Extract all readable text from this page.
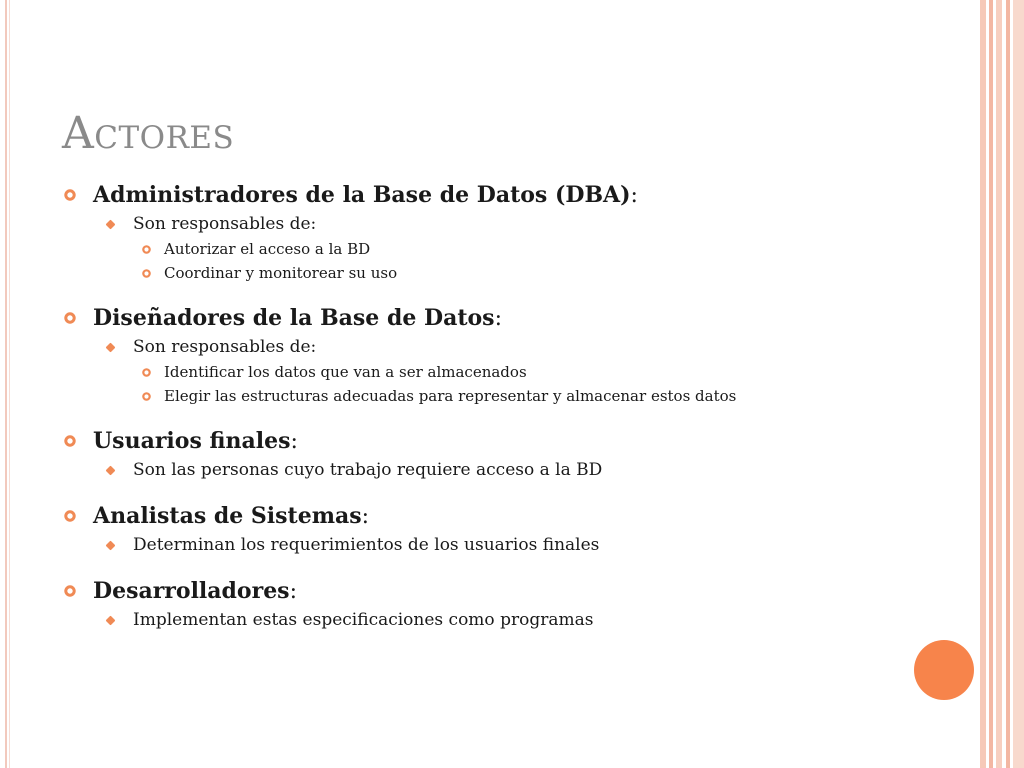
Actores
Administradores de la Base de Datos (DBA):
Son responsables de:
Autorizar el acceso a la BD
Coordinar y monitorear su uso
Diseñadores de la Base de Datos:
Son responsables de:
Identificar los datos que van a ser almacenados
Elegir las estructuras adecuadas para representar y almacenar estos datos
Usuarios finales:
Son las personas cuyo trabajo requiere acceso a la BD
Analistas de Sistemas:
Determinan los requerimientos de los usuarios finales
Desarrolladores:
Implementan estas especificaciones como programas
